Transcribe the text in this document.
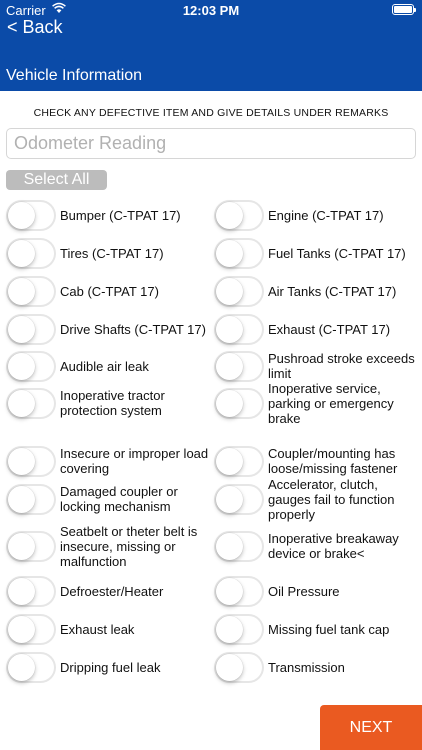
Carrier	12:03 PM
< Back
Vehicle Information
CHECK ANY DEFECTIVE ITEM AND GIVE DETAILS UNDER REMARKS
Odometer Reading
Select All
Bumper (C-TPAT 17)
Tires (C-TPAT 17)
Cab (C-TPAT 17)
Drive Shafts (C-TPAT 17)
Audible air leak
Inoperative tractor protection system
Insecure or improper load covering
Damaged coupler or locking mechanism
Seatbelt or theter belt is insecure, missing or malfunction
Defroester/Heater
Exhaust leak
Dripping fuel leak
Engine (C-TPAT 17)
Fuel Tanks (C-TPAT 17)
Air Tanks (C-TPAT 17)
Exhaust (C-TPAT 17)
Pushroad stroke exceeds limit
Inoperative service, parking or emergency brake
Coupler/mounting has loose/missing fastener
Accelerator, clutch, gauges fail to function properly
Inoperative breakaway device or brake<
Oil Pressure
Missing fuel tank cap
Transmission
NEXT
